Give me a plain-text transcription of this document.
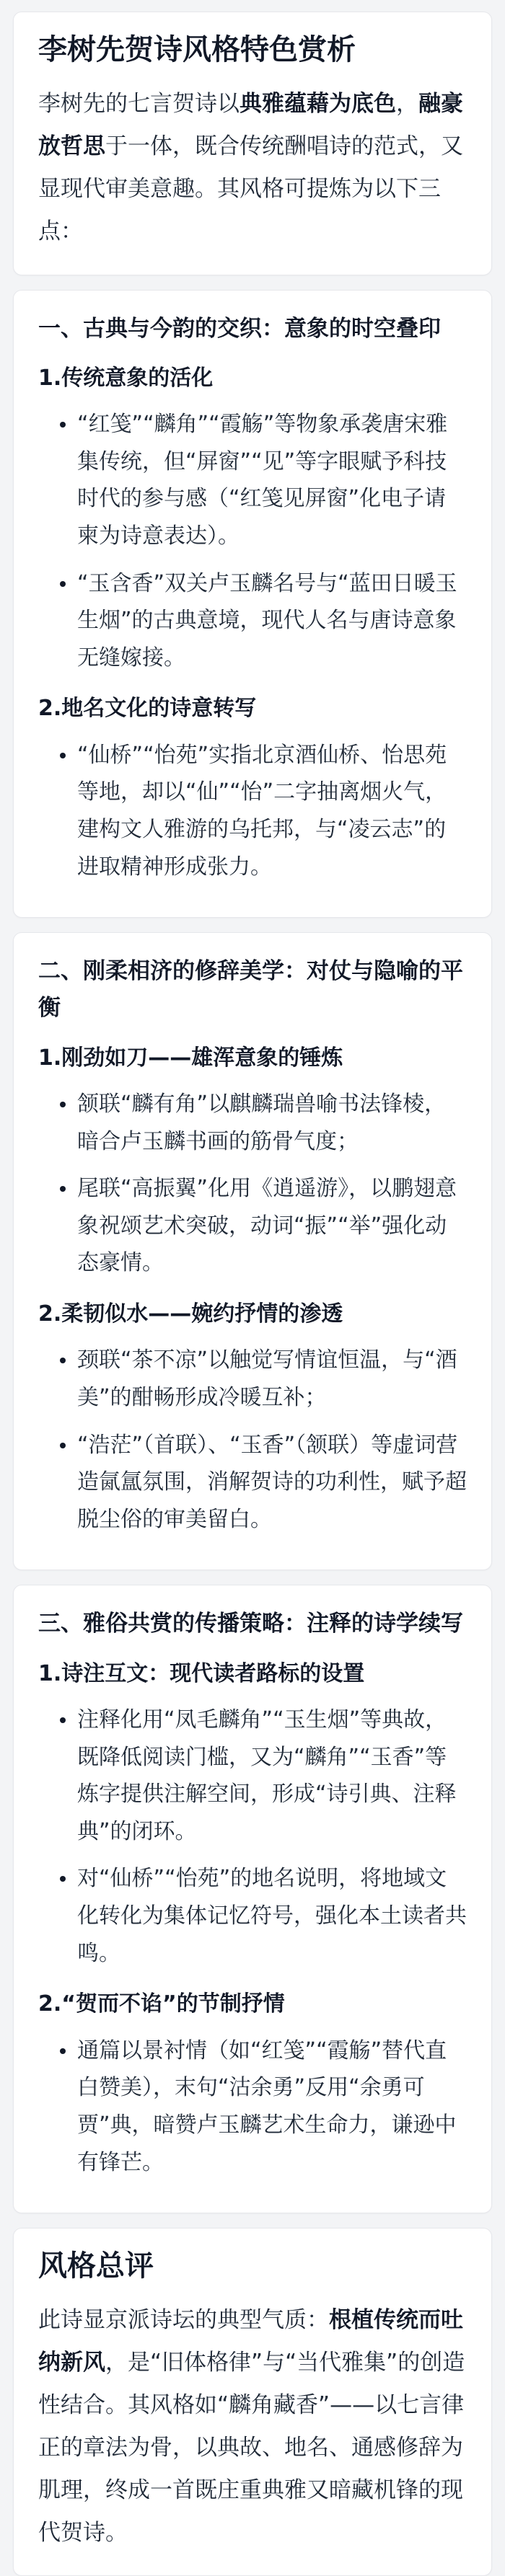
李树先贺诗风格特色赏析

李树先的七言贺诗以典雅蕴藉为底色，融豪放哲思于一体，既合传统酬唱诗的范式，又显现代审美意趣。其风格可提炼为以下三点：

一、古典与今韵的交织：意象的时空叠印
1.传统意象的活化
“红笺”“麟角”“霞觞”等物象承袭唐宋雅集传统，但“屏窗”“见”等字眼赋予科技时代的参与感（“红笺见屏窗”化电子请柬为诗意表达）。
“玉含香”双关卢玉麟名号与“蓝田日暖玉生烟”的古典意境，现代人名与唐诗意象无缝嫁接。
2.地名文化的诗意转写
“仙桥”“怡苑”实指北京酒仙桥、怡思苑等地，却以“仙”“怡”二字抽离烟火气，建构文人雅游的乌托邦，与“凌云志”的进取精神形成张力。
二、刚柔相济的修辞美学：对仗与隐喻的平衡
1.刚劲如刀——雄浑意象的锤炼
颔联“麟有角”以麒麟瑞兽喻书法锋棱，暗合卢玉麟书画的筋骨气度；
尾联“高振翼”化用《逍遥游》，以鹏翅意象祝颂艺术突破，动词“振”“举”强化动态豪情。
2.柔韧似水——婉约抒情的渗透
颈联“茶不凉”以触觉写情谊恒温，与“酒美”的酣畅形成冷暖互补；
“浩茫”（首联）、“玉香”（颔联）等虚词营造氤氲氛围，消解贺诗的功利性，赋予超脱尘俗的审美留白。
三、雅俗共赏的传播策略：注释的诗学续写
1.诗注互文：现代读者路标的设置
注释化用“凤毛麟角”“玉生烟”等典故，既降低阅读门槛，又为“麟角”“玉香”等炼字提供注解空间，形成“诗引典、注释典”的闭环。
对“仙桥”“怡苑”的地名说明，将地域文化转化为集体记忆符号，强化本土读者共鸣。
2.“贺而不谄”的节制抒情
通篇以景衬情（如“红笺”“霞觞”替代直白赞美），末句“沽余勇”反用“余勇可贾”典，暗赞卢玉麟艺术生命力，谦逊中有锋芒。
风格总评

此诗显京派诗坛的典型气质：根植传统而吐纳新风，是“旧体格律”与“当代雅集”的创造性结合。其风格如“麟角藏香”——以七言律正的章法为骨，以典故、地名、通感修辞为肌理，终成一首既庄重典雅又暗藏机锋的现代贺诗。
